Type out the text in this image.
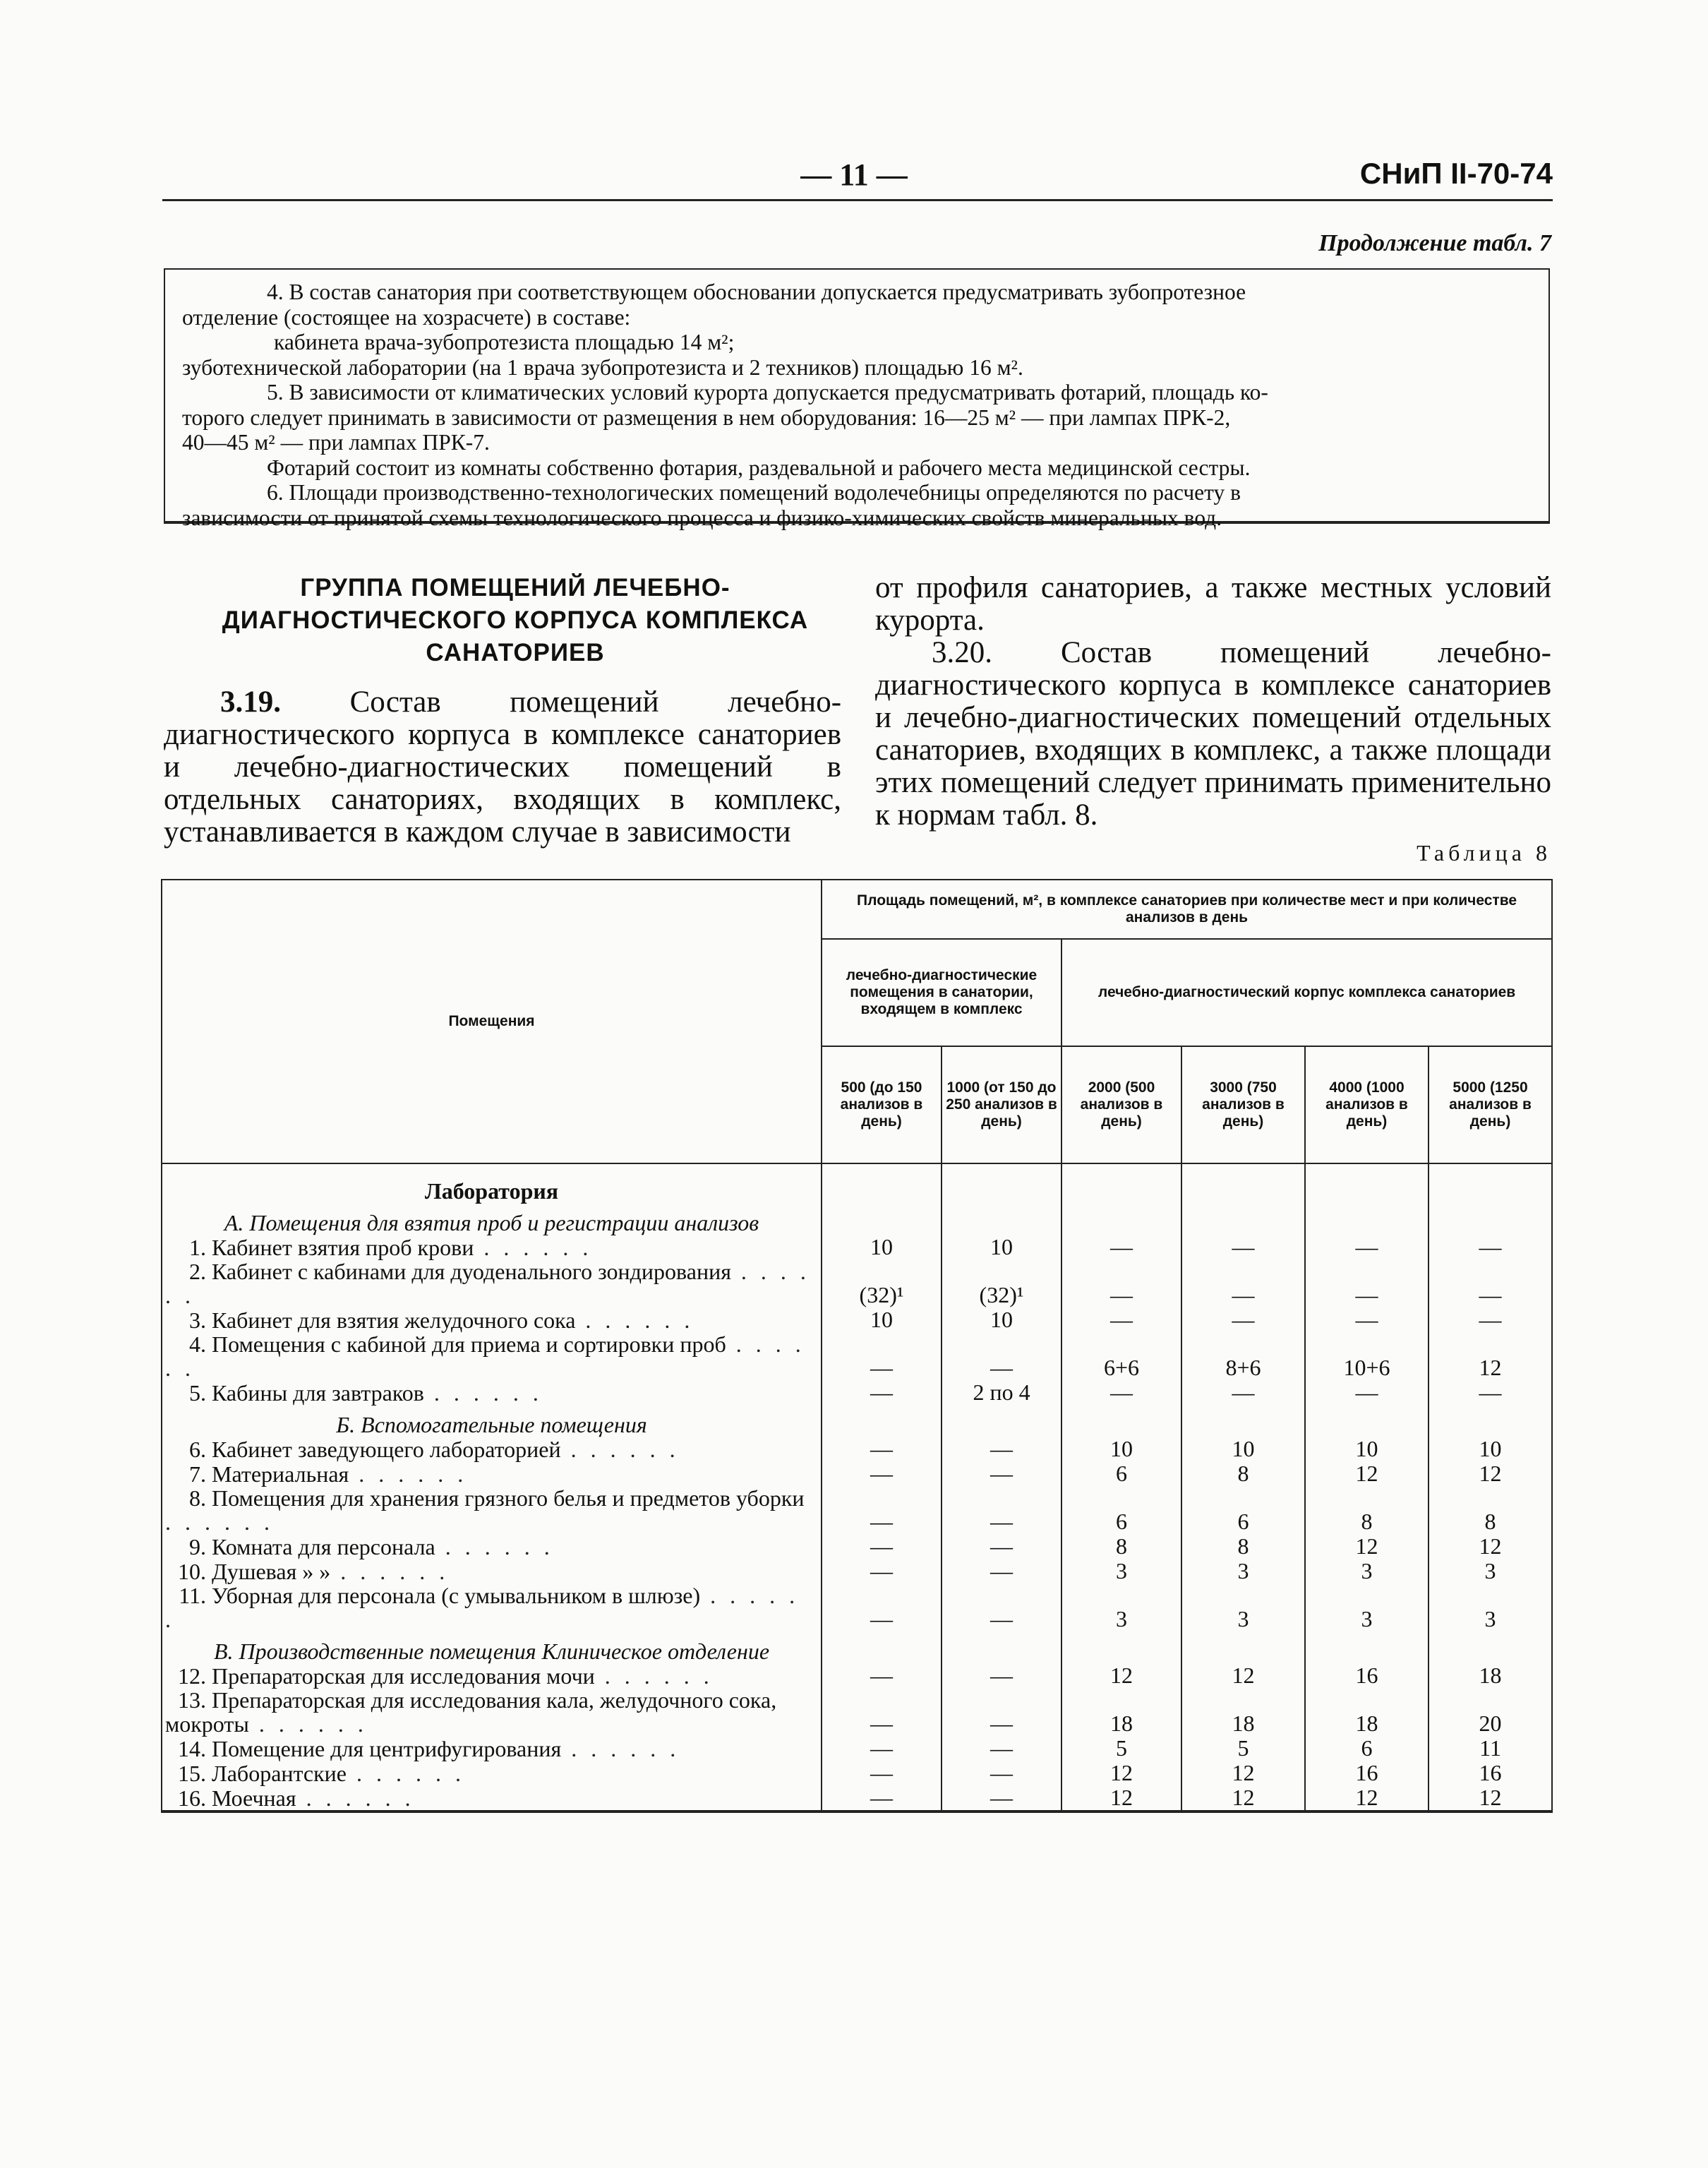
— 11 —	СНиП II-70-74
Продолжение табл. 7

4. В состав санатория при соответствующем обосновании допускается предусматривать зубопротезное

отделение (состоящее на хозрасчете) в составе:

кабинета врача-зубопротезиста площадью 14 м²;

зуботехнической лаборатории (на 1 врача зубопротезиста и 2 техников) площадью 16 м².

5. В зависимости от климатических условий курорта допускается предусматривать фотарий, площадь ко-

торого следует принимать в зависимости от размещения в нем оборудования: 16—25 м² — при лампах ПРК-2,

40—45 м² — при лампах ПРК-7.

Фотарий состоит из комнаты собственно фотария, раздевальной и рабочего места медицинской сестры.

6. Площади производственно-технологических помещений водолечебницы определяются по расчету в

зависимости от принятой схемы технологического процесса и физико-химических свойств минеральных вод.

ГРУППА ПОМЕЩЕНИЙ ЛЕЧЕБНО-
ДИАГНОСТИЧЕСКОГО КОРПУСА КОМПЛЕКСА
САНАТОРИЕВ

3.19. Состав помещений лечебно-диагностического корпуса в комплексе санаториев и лечебно-диагностических помещений в отдельных санаториях, входящих в комплекс, устанавливается в каждом случае в зависимости

от профиля санаториев, а также местных условий курорта.

3.20. Состав помещений лечебно-диагностического корпуса в комплексе санаториев и лечебно-диагностических помещений отдельных санаториев, входящих в комплекс, а также площади этих помещений следует принимать применительно к нормам табл. 8.

Таблица 8
Помещения	Площадь помещений, м², в комплексе санаториев при количестве мест и при количестве анализов в день					
	лечебно-диагностические помещения в санатории, входящем в комплекс		лечебно-диагностический корпус комплекса санаториев			
	500 (до 150 анализов в день)	1000 (от 150 до 250 анализов в день)	2000 (500 анализов в день)	3000 (750 анализов в день)	4000 (1000 анализов в день)	5000 (1250 анализов в день)

Лаборатория						

А. Помещения для взятия проб и регистрации анализов						

1. Кабинет взятия проб крови . . . . . .	10	10	—	—	—	—
2. Кабинет с кабинами для дуоденального зондирования . . . . . .	(32)¹	(32)¹	—	—	—	—
3. Кабинет для взятия желудочного сока . . . . . .	10	10	—	—	—	—
4. Помещения с кабиной для приема и сортировки проб . . . . . .	—	—	6+6	8+6	10+6	12
5. Кабины для завтраков . . . . . .	—	2 по 4	—	—	—	—

Б. Вспомогательные помещения						

6. Кабинет заведующего лабораторией . . . . . .	—	—	10	10	10	10
7. Материальная . . . . . .	—	—	6	8	12	12
8. Помещения для хранения грязного белья и предметов уборки . . . . . .	—	—	6	6	8	8
9. Комната для персонала . . . . . .	—	—	8	8	12	12
10. Душевая » » . . . . . .	—	—	3	3	3	3
11. Уборная для персонала (с умывальником в шлюзе) . . . . . .	—	—	3	3	3	3

В. Производственные помещения Клиническое отделение						

12. Препараторская для исследования мочи . . . . . .	—	—	12	12	16	18
13. Препараторская для исследования кала, желудочного сока, мокроты . . . . . .	—	—	18	18	18	20
14. Помещение для центрифугирования . . . . . .	—	—	5	5	6	11
15. Лаборантские . . . . . .	—	—	12	12	16	16
16. Моечная . . . . . .	—	—	12	12	12	12
